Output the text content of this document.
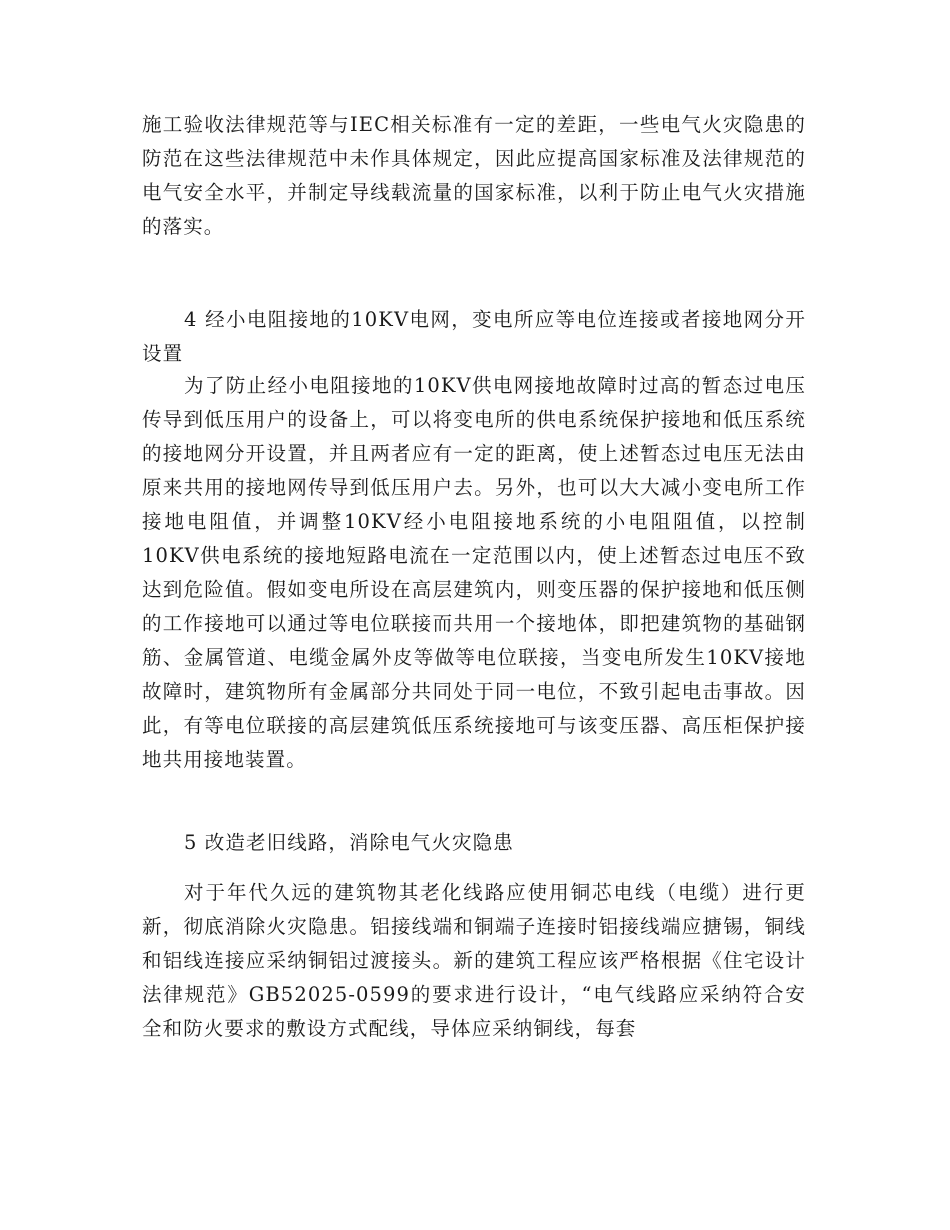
施工验收法律规范等与IEC相关标准有一定的差距，一些电气火灾隐患的防范在这些法律规范中未作具体规定，因此应提高国家标准及法律规范的电气安全水平，并制定导线载流量的国家标准，以利于防止电气火灾措施的落实。

4 经小电阻接地的10KV电网，变电所应等电位连接或者接地网分开设置

为了防止经小电阻接地的10KV供电网接地故障时过高的暂态过电压传导到低压用户的设备上，可以将变电所的供电系统保护接地和低压系统的接地网分开设置，并且两者应有一定的距离，使上述暂态过电压无法由原来共用的接地网传导到低压用户去。另外，也可以大大减小变电所工作接地电阻值，并调整10KV经小电阻接地系统的小电阻阻值，以控制10KV供电系统的接地短路电流在一定范围以内，使上述暂态过电压不致达到危险值。假如变电所设在高层建筑内，则变压器的保护接地和低压侧的工作接地可以通过等电位联接而共用一个接地体，即把建筑物的基础钢筋、金属管道、电缆金属外皮等做等电位联接，当变电所发生10KV接地故障时，建筑物所有金属部分共同处于同一电位，不致引起电击事故。因此，有等电位联接的高层建筑低压系统接地可与该变压器、高压柜保护接地共用接地装置。

5 改造老旧线路，消除电气火灾隐患

对于年代久远的建筑物其老化线路应使用铜芯电线（电缆）进行更新，彻底消除火灾隐患。铝接线端和铜端子连接时铝接线端应搪锡，铜线和铝线连接应采纳铜铝过渡接头。新的建筑工程应该严格根据《住宅设计法律规范》GB52025-0599的要求进行设计，“电气线路应采纳符合安全和防火要求的敷设方式配线，导体应采纳铜线，每套
